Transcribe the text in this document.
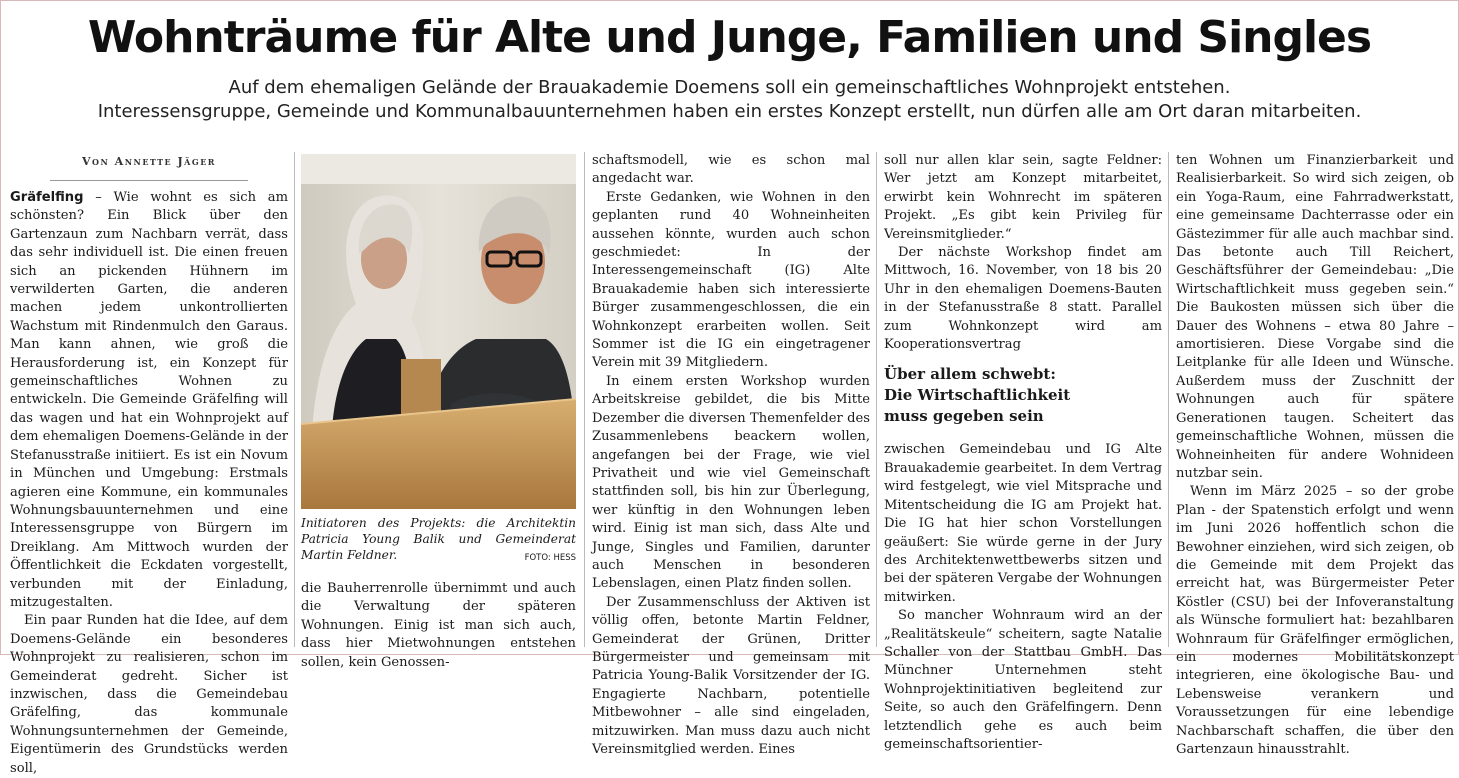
Wohnträume für Alte und Junge, Familien und Singles
Auf dem ehemaligen Gelände der Brauakademie Doemens soll ein gemeinschaftliches Wohnprojekt entstehen.
Interessensgruppe, Gemeinde und Kommunalbauunternehmen haben ein erstes Konzept erstellt, nun dürfen alle am Ort daran mitarbeiten.
Von Annette Jäger

Gräfelfing – Wie wohnt es sich am schönsten? Ein Blick über den Gartenzaun zum Nachbarn verrät, dass das sehr individuell ist. Die einen freuen sich an pickenden Hühnern im verwilderten Garten, die anderen machen jedem unkontrollierten Wachstum mit Rindenmulch den Garaus. Man kann ahnen, wie groß die Herausforderung ist, ein Konzept für gemeinschaftliches Wohnen zu entwickeln. Die Gemeinde Gräfelfing will das wagen und hat ein Wohnprojekt auf dem ehemaligen Doemens-Gelände in der Stefanusstraße initiiert. Es ist ein Novum in München und Umgebung: Erstmals agieren eine Kommune, ein kommunales Wohnungsbauunternehmen und eine Interessensgruppe von Bürgern im Dreiklang. Am Mittwoch wurden der Öffentlichkeit die Eckdaten vorgestellt, verbunden mit der Einladung, mitzugestalten.

Ein paar Runden hat die Idee, auf dem Doemens-Gelände ein besonderes Wohnprojekt zu realisieren, schon im Gemeinderat gedreht. Sicher ist inzwischen, dass die Gemeindebau Gräfelfing, das kommunale Wohnungsunternehmen der Gemeinde, Eigentümerin des Grundstücks werden soll,

Initiatoren des Projekts: die Architektin Patricia Young Balik und Gemeinderat Martin Feldner.	FOTO: HESS

die Bauherrenrolle übernimmt und auch die Verwaltung der späteren Wohnungen. Einig ist man sich auch, dass hier Mietwohnungen entstehen sollen, kein Genossen-

schaftsmodell, wie es schon mal angedacht war.

Erste Gedanken, wie Wohnen in den geplanten rund 40 Wohneinheiten aussehen könnte, wurden auch schon geschmiedet: In der Interessengemeinschaft (IG) Alte Brauakademie haben sich interessierte Bürger zusammengeschlossen, die ein Wohnkonzept erarbeiten wollen. Seit Sommer ist die IG ein eingetragener Verein mit 39 Mitgliedern.

In einem ersten Workshop wurden Arbeitskreise gebildet, die bis Mitte Dezember die diversen Themenfelder des Zusammenlebens beackern wollen, angefangen bei der Frage, wie viel Privatheit und wie viel Gemeinschaft stattfinden soll, bis hin zur Überlegung, wer künftig in den Wohnungen leben wird. Einig ist man sich, dass Alte und Junge, Singles und Familien, darunter auch Menschen in besonderen Lebenslagen, einen Platz finden sollen.

Der Zusammenschluss der Aktiven ist völlig offen, betonte Martin Feldner, Gemeinderat der Grünen, Dritter Bürgermeister und gemeinsam mit Patricia Young-Balik Vorsitzender der IG. Engagierte Nachbarn, potentielle Mitbewohner – alle sind eingeladen, mitzuwirken. Man muss dazu auch nicht Vereinsmitglied werden. Eines

soll nur allen klar sein, sagte Feldner: Wer jetzt am Konzept mitarbeitet, erwirbt kein Wohnrecht im späteren Projekt. „Es gibt kein Privileg für Vereinsmitglieder.“

Der nächste Workshop findet am Mittwoch, 16. November, von 18 bis 20 Uhr in den ehemaligen Doemens-Bauten in der Stefanusstraße 8 statt. Parallel zum Wohnkonzept wird am Kooperationsvertrag

Über allem schwebt:
Die Wirtschaftlichkeit
muss gegeben sein

zwischen Gemeindebau und IG Alte Brauakademie gearbeitet. In dem Vertrag wird festgelegt, wie viel Mitsprache und Mitentscheidung die IG am Projekt hat. Die IG hat hier schon Vorstellungen geäußert: Sie würde gerne in der Jury des Architektenwettbewerbs sitzen und bei der späteren Vergabe der Wohnungen mitwirken.

So mancher Wohnraum wird an der „Realitätskeule“ scheitern, sagte Natalie Schaller von der Stattbau GmbH. Das Münchner Unternehmen steht Wohnprojektinitiativen begleitend zur Seite, so auch den Gräfelfingern. Denn letztendlich gehe es auch beim gemeinschaftsorientier-

ten Wohnen um Finanzierbarkeit und Realisierbarkeit. So wird sich zeigen, ob ein Yoga-Raum, eine Fahrradwerkstatt, eine gemeinsame Dachterrasse oder ein Gästezimmer für alle auch machbar sind. Das betonte auch Till Reichert, Geschäftsführer der Gemeindebau: „Die Wirtschaftlichkeit muss gegeben sein.“ Die Baukosten müssen sich über die Dauer des Wohnens – etwa 80 Jahre – amortisieren. Diese Vorgabe sind die Leitplanke für alle Ideen und Wünsche. Außerdem muss der Zuschnitt der Wohnungen auch für spätere Generationen taugen. Scheitert das gemeinschaftliche Wohnen, müssen die Wohneinheiten für andere Wohnideen nutzbar sein.

Wenn im März 2025 – so der grobe Plan - der Spatenstich erfolgt und wenn im Juni 2026 hoffentlich schon die Bewohner einziehen, wird sich zeigen, ob die Gemeinde mit dem Projekt das erreicht hat, was Bürgermeister Peter Köstler (CSU) bei der Infoveranstaltung als Wünsche formuliert hat: bezahlbaren Wohnraum für Gräfelfinger ermöglichen, ein modernes Mobilitätskonzept integrieren, eine ökologische Bau- und Lebensweise verankern und Voraussetzungen für eine lebendige Nachbarschaft schaffen, die über den Gartenzaun hinausstrahlt.
